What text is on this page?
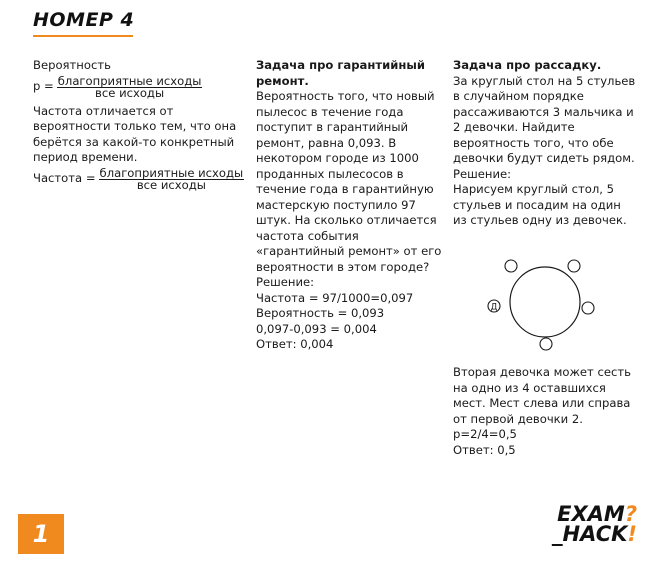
НОМЕР 4

Вероятность

$p = \frac{\text{благоприятные исходы}}{\text{все исходы}}$

Частота отличается от вероятности только тем, что она берётся за какой-то конкретный период времени.

Частота = $\frac{\text{благоприятные исходы}}{\text{все исходы}}$

Задача про гарантийный ремонт.

Вероятность того, что новый пылесос в течение года поступит в гарантийный ремонт, равна 0,093. В некотором городе из 1000 проданных пылесосов в течение года в гарантийную мастерскую поступило 97 штук. На сколько отличается частота события «гарантийный ремонт» от его вероятности в этом городе?

Решение:

Частота = 97/1000=0,097

Вероятность = 0,093

0,097-0,093 = 0,004

Ответ: 0,004

Задача про рассадку.

За круглый стол на 5 стульев в случайном порядке рассаживаются 3 мальчика и 2 девочки. Найдите вероятность того, что обе девочки будут сидеть рядом.

Решение:

Нарисуем круглый стол, 5 стульев и посадим на один из стульев одну из девочек.

Д

Вторая девочка может сесть на одно из 4 оставшихся мест. Мест слева или справа от первой девочки 2.

p=2/4=0,5

Ответ: 0,5

1
EXAM?
_HACK!
